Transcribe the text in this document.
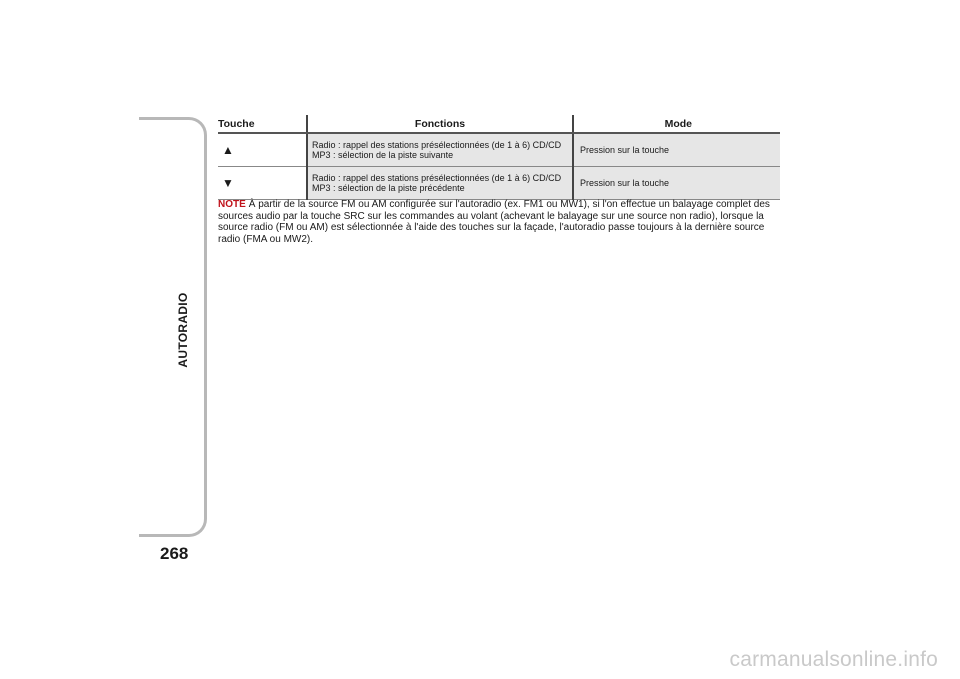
AUTORADIO
268
Touche	Fonctions	Mode
▲	Radio : rappel des stations présélectionnées (de 1 à 6) CD/CD MP3 : sélection de la piste suivante	Pression sur la touche
▼	Radio : rappel des stations présélectionnées (de 1 à 6) CD/CD MP3 : sélection de la piste précédente	Pression sur la touche

NOTE À partir de la source FM ou AM configurée sur l'autoradio (ex. FM1 ou MW1), si l'on effectue un balayage complet des sources audio par la touche SRC sur les commandes au volant (achevant le balayage sur une source non radio), lorsque la source radio (FM ou AM) est sélectionnée à l'aide des touches sur la façade, l'autoradio passe toujours à la dernière source radio (FMA ou MW2).

carmanualsonline.info
